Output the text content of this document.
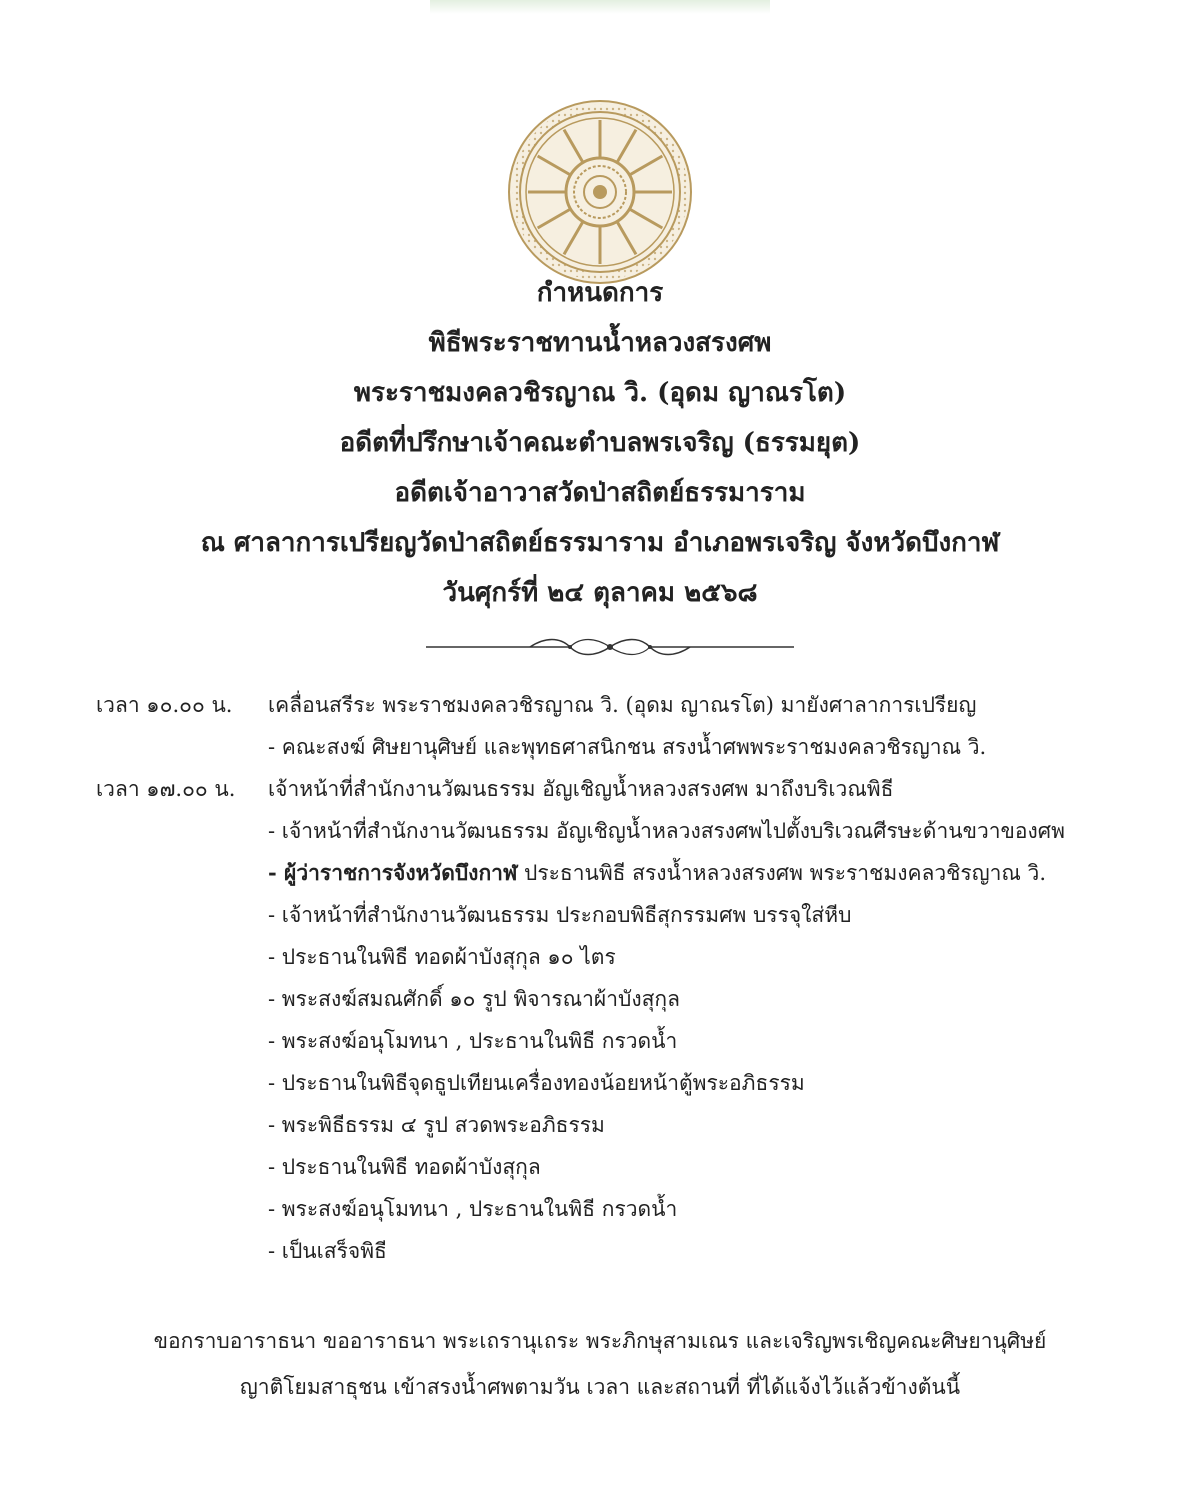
กำหนดการ
พิธีพระราชทานน้ำหลวงสรงศพ
พระราชมงคลวชิรญาณ วิ. (อุดม ญาณรโต)
อดีตที่ปรึกษาเจ้าคณะตำบลพรเจริญ (ธรรมยุต)
อดีตเจ้าอาวาสวัดป่าสถิตย์ธรรมาราม
ณ ศาลาการเปรียญวัดป่าสถิตย์ธรรมาราม อำเภอพรเจริญ จังหวัดบึงกาฬ
วันศุกร์ที่ ๒๔ ตุลาคม ๒๕๖๘
เวลา ๑๐.๐๐ น. เคลื่อนสรีระ พระราชมงคลวชิรญาณ วิ. (อุดม ญาณรโต) มายังศาลาการเปรียญ
- คณะสงฆ์ ศิษยานุศิษย์ และพุทธศาสนิกชน สรงน้ำศพพระราชมงคลวชิรญาณ วิ.
เวลา ๑๗.๐๐ น. เจ้าหน้าที่สำนักงานวัฒนธรรม อัญเชิญน้ำหลวงสรงศพ มาถึงบริเวณพิธี
- เจ้าหน้าที่สำนักงานวัฒนธรรม อัญเชิญน้ำหลวงสรงศพไปตั้งบริเวณศีรษะด้านขวาของศพ
- ผู้ว่าราชการจังหวัดบึงกาฬ ประธานพิธี สรงน้ำหลวงสรงศพ พระราชมงคลวชิรญาณ วิ.
- เจ้าหน้าที่สำนักงานวัฒนธรรม ประกอบพิธีสุกรรมศพ บรรจุใส่หีบ
- ประธานในพิธี ทอดผ้าบังสุกุล ๑๐ ไตร
- พระสงฆ์สมณศักดิ์ ๑๐ รูป พิจารณาผ้าบังสุกุล
- พระสงฆ์อนุโมทนา , ประธานในพิธี กรวดน้ำ
- ประธานในพิธีจุดธูปเทียนเครื่องทองน้อยหน้าตู้พระอภิธรรม
- พระพิธีธรรม ๔ รูป สวดพระอภิธรรม
- ประธานในพิธี ทอดผ้าบังสุกุล
- พระสงฆ์อนุโมทนา , ประธานในพิธี กรวดน้ำ
- เป็นเสร็จพิธี
ขอกราบอาราธนา ขออาราธนา พระเถรานุเถระ พระภิกษุสามเณร และเจริญพรเชิญคณะศิษยานุศิษย์
ญาติโยมสาธุชน เข้าสรงน้ำศพตามวัน เวลา และสถานที่ ที่ได้แจ้งไว้แล้วข้างต้นนี้
